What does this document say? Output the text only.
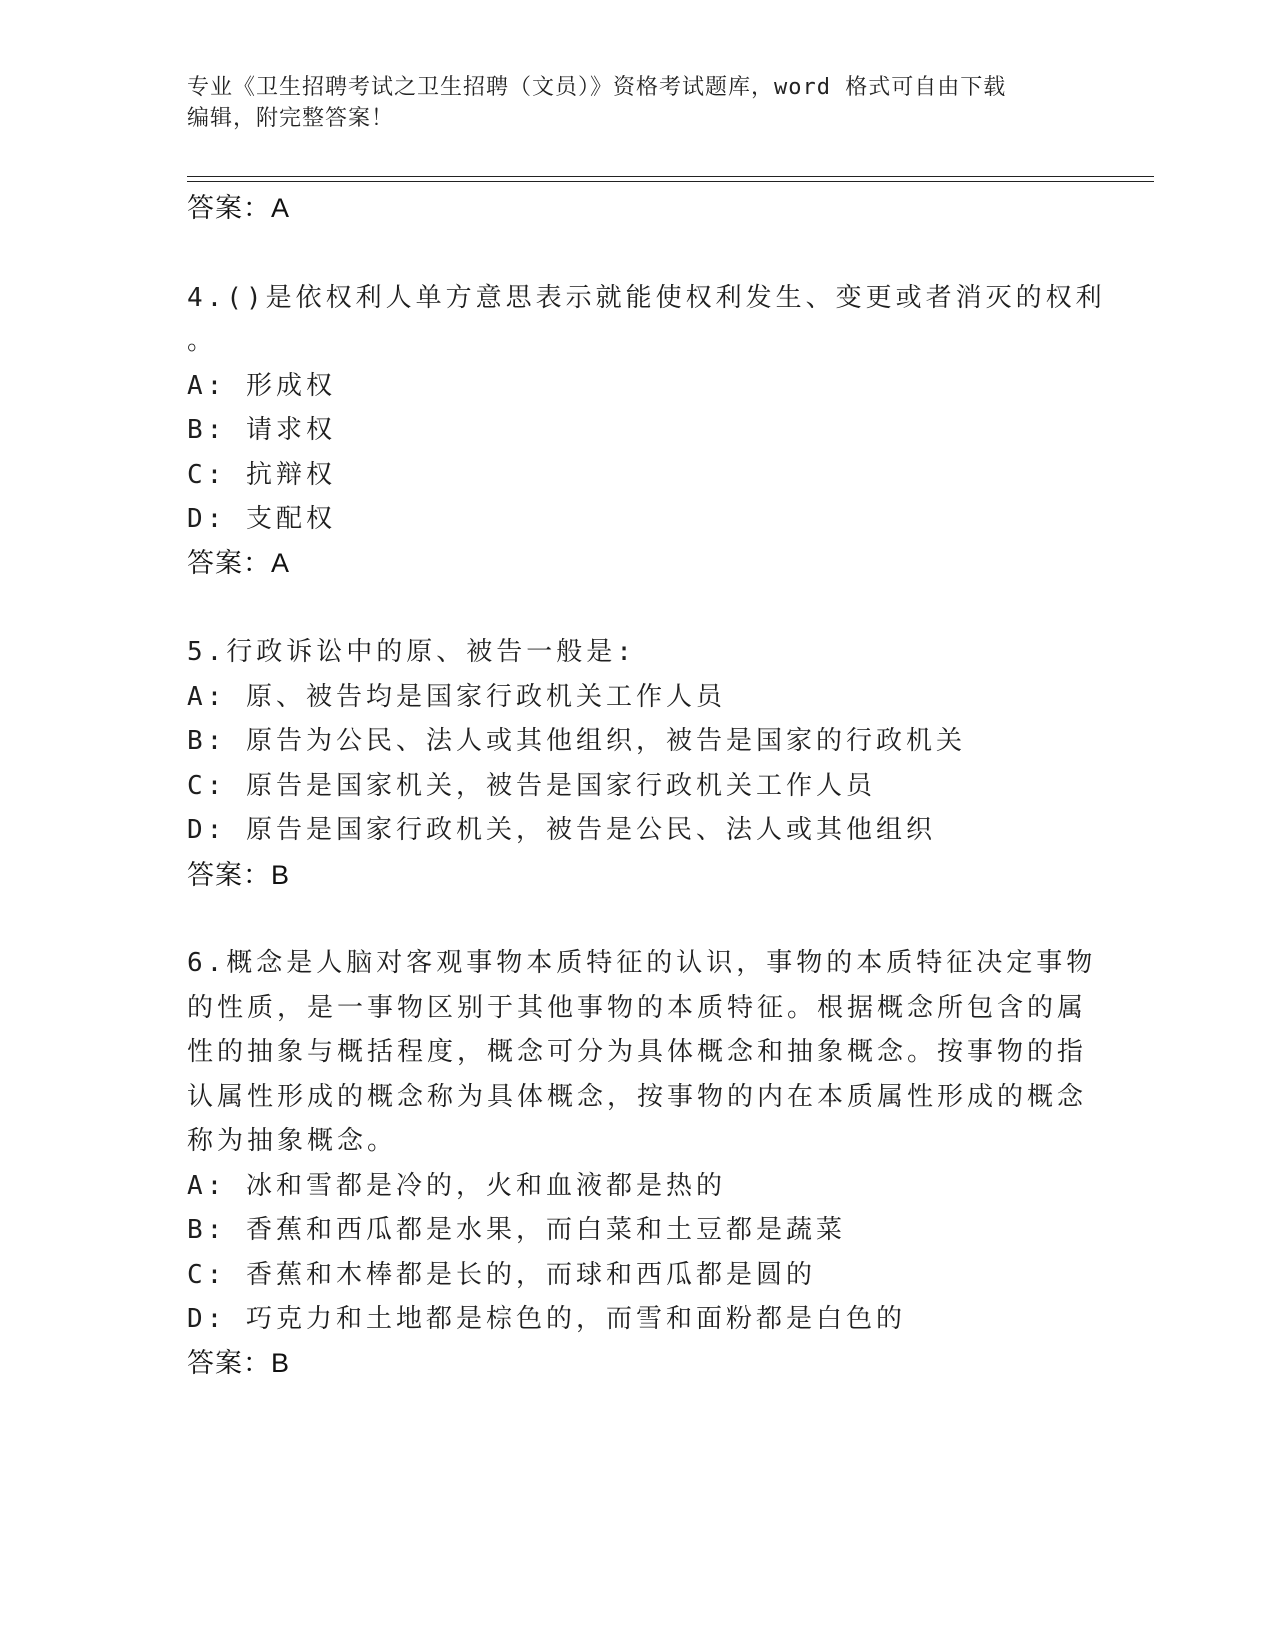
专业《卫生招聘考试之卫生招聘（文员）》资格考试题库，word 格式可自由下载
编辑，附完整答案！
答案：A
4.()是依权利人单方意思表示就能使权利发生、变更或者消灭的权利
。
A: 形成权
B: 请求权
C: 抗辩权
D: 支配权
答案：A
5.行政诉讼中的原、被告一般是:
A: 原、被告均是国家行政机关工作人员
B: 原告为公民、法人或其他组织，被告是国家的行政机关
C: 原告是国家机关，被告是国家行政机关工作人员
D: 原告是国家行政机关，被告是公民、法人或其他组织
答案：B
6.概念是人脑对客观事物本质特征的认识，事物的本质特征决定事物
的性质，是一事物区别于其他事物的本质特征。根据概念所包含的属
性的抽象与概括程度，概念可分为具体概念和抽象概念。按事物的指
认属性形成的概念称为具体概念，按事物的内在本质属性形成的概念
称为抽象概念。
A: 冰和雪都是冷的，火和血液都是热的
B: 香蕉和西瓜都是水果，而白菜和土豆都是蔬菜
C: 香蕉和木棒都是长的，而球和西瓜都是圆的
D: 巧克力和土地都是棕色的，而雪和面粉都是白色的
答案：B
